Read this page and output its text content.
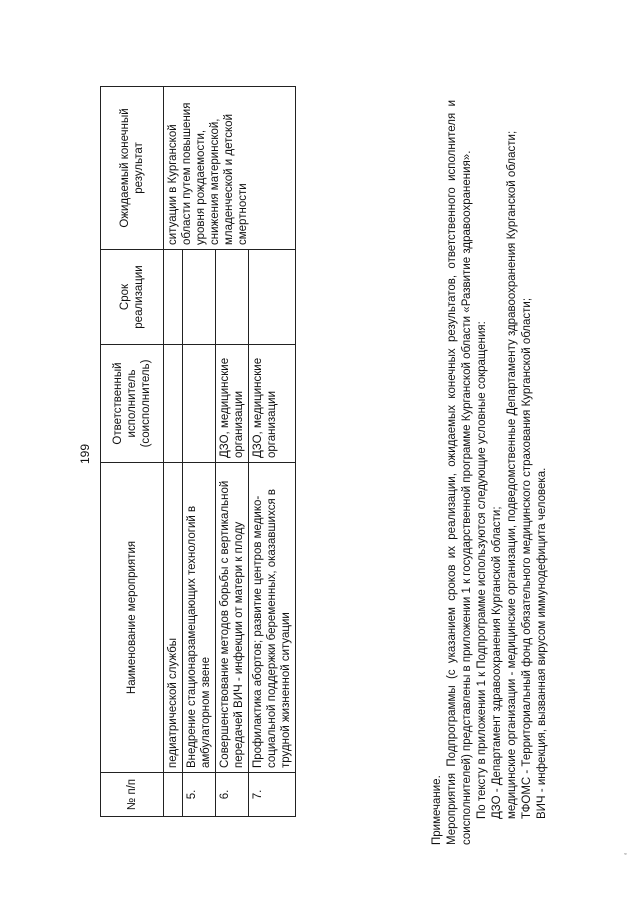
199
№ п/п	Наименование мероприятия	Ответственный исполнитель (соисполнитель)	Срок реализации	Ожидаемый конечный результат
	педиатрической службы			ситуации в Курганской области путем повышения уровня рождаемости, снижения материнской, младенческой и детской смертности
5.	Внедрение стационарзамещающих технологий в амбулаторном звене			
6.	Совершенствование методов борьбы с вертикальной передачей ВИЧ - инфекции от матери к плоду	ДЗО, медицинские организации		
7.	Профилактика абортов; развитие центров медико-социальной поддержки беременных, оказавшихся в трудной жизненной ситуации	ДЗО, медицинские организации		

Примечание. Мероприятия Подпрограммы (с указанием сроков их реализации, ожидаемых конечных результатов, ответственного исполнителя и соисполнителей) представлены в приложении 1 к государственной программе Курганской области «Развитие здравоохранения». По тексту в приложении 1 к Подпрограмме используются следующие условные сокращения: ДЗО - Департамент здравоохранения Курганской области; медицинские организации - медицинские организации, подведомственные Департаменту здравоохранения Курганской области; ТФОМС - Территориальный фонд обязательного медицинского страхования Курганской области; ВИЧ - инфекция, вызванная вирусом иммунодефицита человека.

‘
